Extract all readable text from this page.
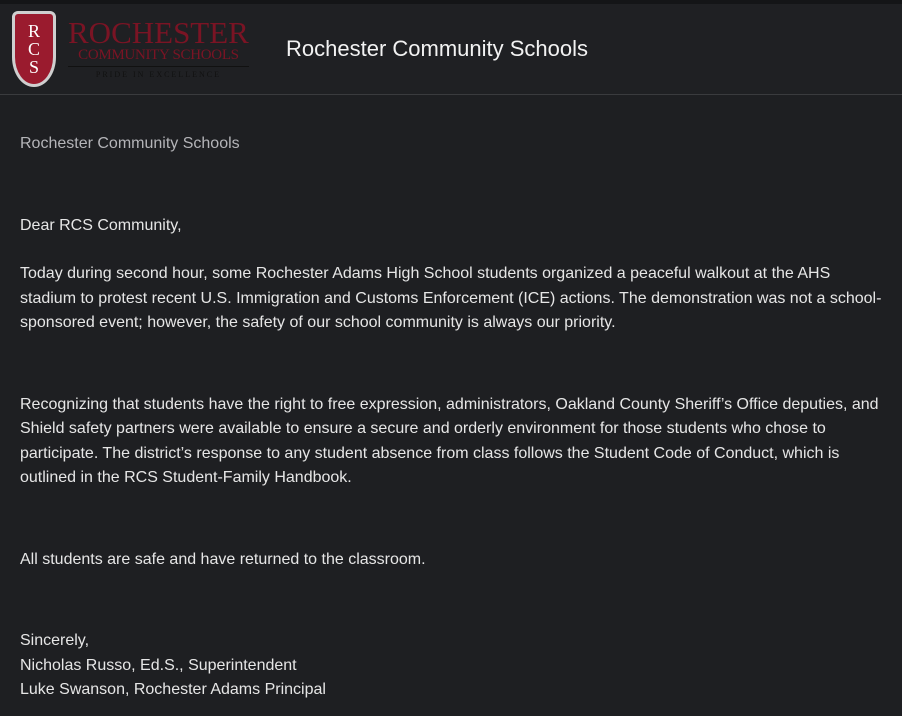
R
C
S
ROCHESTER
COMMUNITY SCHOOLS
PRIDE IN EXCELLENCE
Rochester Community Schools

Rochester Community Schools

Dear RCS Community,

Today during second hour, some Rochester Adams High School students organized a peaceful walkout at the AHS stadium to protest recent U.S. Immigration and Customs Enforcement (ICE) actions. The demonstration was not a school-sponsored event; however, the safety of our school community is always our priority.

Recognizing that students have the right to free expression, administrators, Oakland County Sheriff’s Office deputies, and Shield safety partners were available to ensure a secure and orderly environment for those students who chose to participate. The district’s response to any student absence from class follows the Student Code of Conduct, which is outlined in the RCS Student-Family Handbook.

All students are safe and have returned to the classroom.

Sincerely,

Nicholas Russo, Ed.S., Superintendent

Luke Swanson, Rochester Adams Principal
